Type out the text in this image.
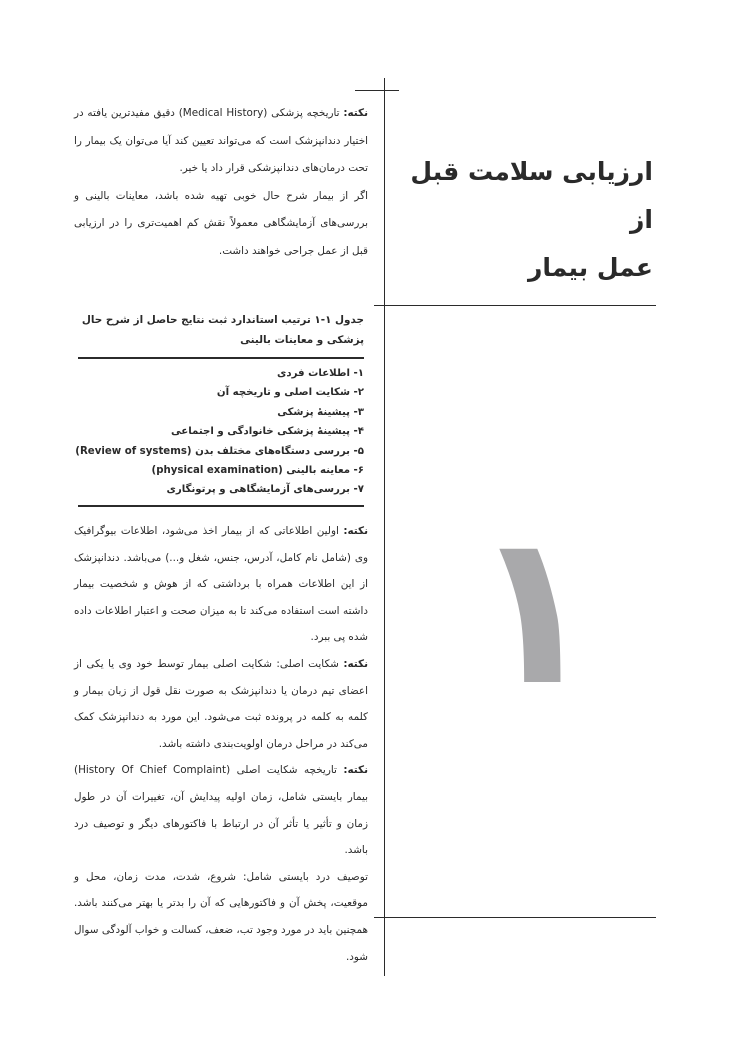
ارزیابی سلامت قبل از
عمل بیمار
۱

نکته: تاریخچه پزشکی (Medical History) دقیق مفیدترین یافته در اختیار دندانپزشک است که می‌تواند تعیین کند آیا می‌توان یک بیمار را تحت درمان‌های دندانپزشکی قرار داد یا خیر.

اگر از بیمار شرح حال خوبی تهیه شده باشد، معاینات بالینی و بررسی‌های آزمایشگاهی معمولاً نقش کم اهمیت‌تری را در ارزیابی قبل از عمل جراحی خواهند داشت.

جدول ۱-۱ ترتیب استاندارد ثبت نتایج حاصل از شرح حال پزشکی و معاینات بالینی
۱- اطلاعات فردی
۲- شکایت اصلی و تاریخچه آن
۳- پیشینهٔ پزشکی
۴- پیشینهٔ پزشکی خانوادگی و اجتماعی
۵- بررسی دستگاه‌های مختلف بدن (Review of systems)
۶- معاینه بالینی (physical examination)
۷- بررسی‌های آزمایشگاهی و پرتونگاری

نکته: اولین اطلاعاتی که از بیمار اخذ می‌شود، اطلاعات بیوگرافیک وی (شامل نام کامل، آدرس، جنس، شغل و...) می‌باشد. دندانپزشک از این اطلاعات همراه با برداشتی که از هوش و شخصیت بیمار داشته است استفاده می‌کند تا به میزان صحت و اعتبار اطلاعات داده شده پی ببرد.

نکته: شکایت اصلی: شکایت اصلی بیمار توسط خود وی یا یکی از اعضای تیم درمان یا دندانپزشک به صورت نقل قول از زبان بیمار و کلمه به کلمه در پرونده ثبت می‌شود. این مورد به دندانپزشک کمک می‌کند در مراحل درمان اولویت‌بندی داشته باشد.

نکته: تاریخچه شکایت اصلی (History Of Chief Complaint) بیمار بایستی شامل، زمان اولیه پیدایش آن، تغییرات آن در طول زمان و تأثیر یا تأثر آن در ارتباط با فاکتورهای دیگر و توصیف درد باشد.

توصیف درد بایستی شامل: شروع، شدت، مدت زمان، محل و موقعیت، پخش آن و فاکتورهایی که آن را بدتر یا بهتر می‌کنند باشد. همچنین باید در مورد وجود تب، ضعف، کسالت و خواب آلودگی سوال شود.
